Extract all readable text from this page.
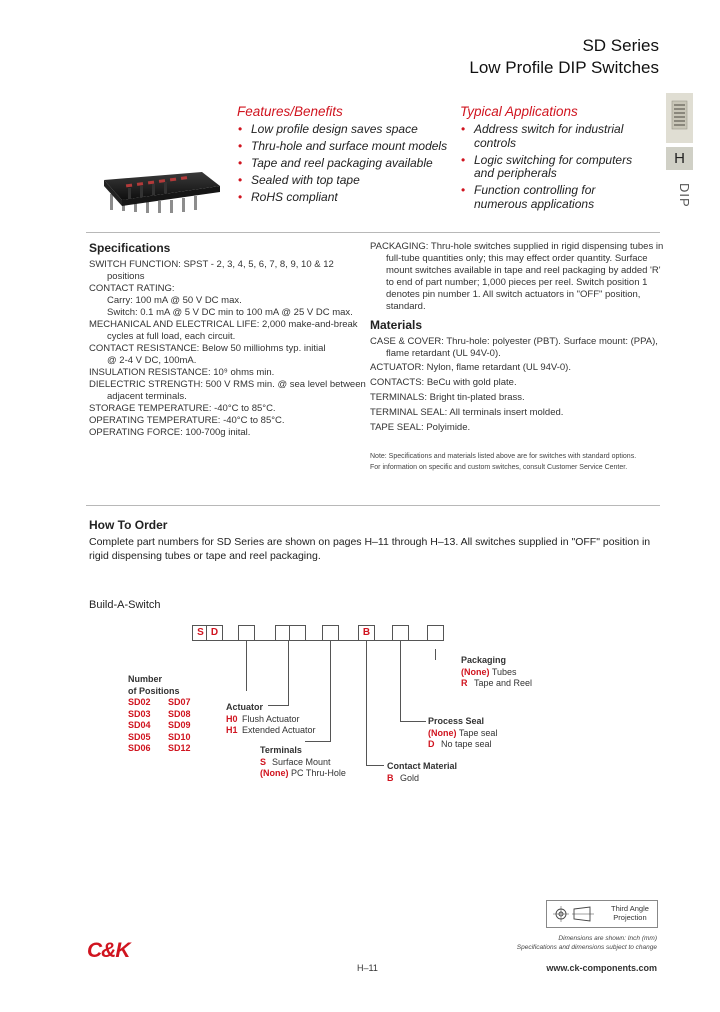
SD Series
Low Profile DIP Switches
H
DIP
Features/Benefits
• Low profile design saves space
• Thru-hole and surface mount models
• Tape and reel packaging available
• Sealed with top tape
• RoHS compliant
Typical Applications
• Address switch for industrial controls
• Logic switching for computers and peripherals
• Function controlling for numerous applications
Specifications
SWITCH FUNCTION: SPST - 2, 3, 4, 5, 6, 7, 8, 9, 10 & 12
positions
CONTACT RATING:
Carry: 100 mA @ 50 V DC max.
Switch: 0.1 mA @ 5 V DC min to 100 mA @ 25 V DC max.
MECHANICAL AND ELECTRICAL LIFE: 2,000 make-and-break
cycles at full load, each circuit.
CONTACT RESISTANCE: Below 50 milliohms typ. initial
@ 2-4 V DC, 100mA.
INSULATION RESISTANCE: 10⁹ ohms min.
DIELECTRIC STRENGTH: 500 V RMS min. @ sea level between
adjacent terminals.
STORAGE TEMPERATURE: -40°C to 85°C.
OPERATING TEMPERATURE: -40°C to 85°C.
OPERATING FORCE: 100-700g inital.
PACKAGING: Thru-hole switches supplied in rigid dispensing tubes in
full-tube quantities only; this may effect order quantity. Surface
mount switches available in tape and reel packaging by added 'R'
to end of part number; 1,000 pieces per reel. Switch position 1
denotes pin number 1. All switch actuators in "OFF" position,
standard.
Materials
CASE & COVER: Thru-hole: polyester (PBT). Surface mount: (PPA),
flame retardant (UL 94V-0).
ACTUATOR: Nylon, flame retardant (UL 94V-0).
CONTACTS: BeCu with gold plate.
TERMINALS: Bright tin-plated brass.
TERMINAL SEAL: All terminals insert molded.
TAPE SEAL: Polyimide.
Note: Specifications and materials listed above are for switches with standard options.
For information on specific and custom switches, consult Customer Service Center.
How To Order
Complete part numbers for SD Series are shown on pages H–11 through H–13. All switches supplied in "OFF" position in rigid dispensing tubes or tape and reel packaging.
Build-A-Switch
S D	B
Number
of Positions
SD02
SD03
SD04
SD05
SD06
SD07
SD08
SD09
SD10
SD12
Actuator
H0 Flush Actuator
H1 Extended Actuator
Terminals
S Surface Mount
(None) PC Thru-Hole
Contact Material
B Gold
Process Seal
(None) Tape seal
D No tape seal
Packaging
(None) Tubes
R Tape and Reel
Third Angle
Projection
Dimensions are shown: Inch (mm)
Specifications and dimensions subject to change
C&K
H–11	www.ck-components.com
